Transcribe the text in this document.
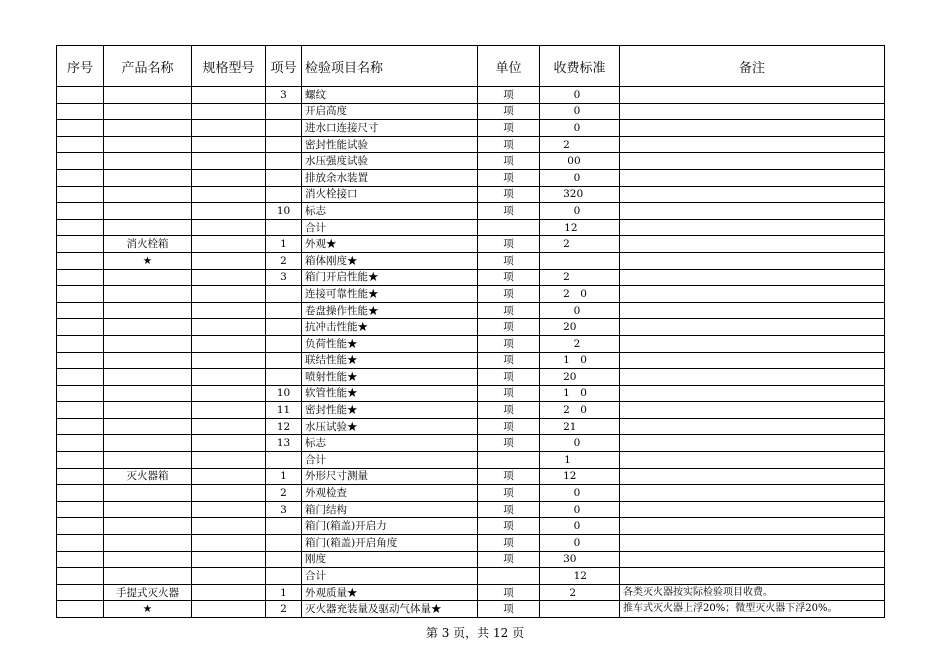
序号	产品名称	规格型号	项号	检验项目名称	单位	收费标准	备注
			3	螺纹	项	0	
				开启高度	项	0	
				进水口连接尺寸	项	0	
				密封性能试验	项	2	
				水压强度试验	项	00	
				排放余水装置	项	0	
				消火栓接口	项	320	
			10	标志	项	0	
				合计		12	
	消火栓箱		1	外观★	项	2	
	★		2	箱体刚度★	项		
			3	箱门开启性能★	项	2	
				连接可靠性能★	项	2　0	
				卷盘操作性能★	项	0	
				抗冲击性能★	项	20	
				负荷性能★	项	2	
				联结性能★	项	1　0	
				喷射性能★	项	20	
			10	软管性能★	项	1　0	
			11	密封性能★	项	2　0	
			12	水压试验★	项	21	
			13	标志	项	0	
				合计		1	
	灭火器箱		1	外形尺寸测量	项	12	
			2	外观检查	项	0	
			3	箱门结构	项	0	
				箱门(箱盖)开启力	项	0	
				箱门(箱盖)开启角度	项	0	
				刚度	项	30	
				合计		12	
	手提式灭火器		1	外观质量★	项	2	各类灭火器按实际检验项目收费。
	★		2	灭火器充装量及驱动气体量★	项		推车式灭火器上浮20%；微型灭火器下浮20%。
第 3 页，共 12 页
